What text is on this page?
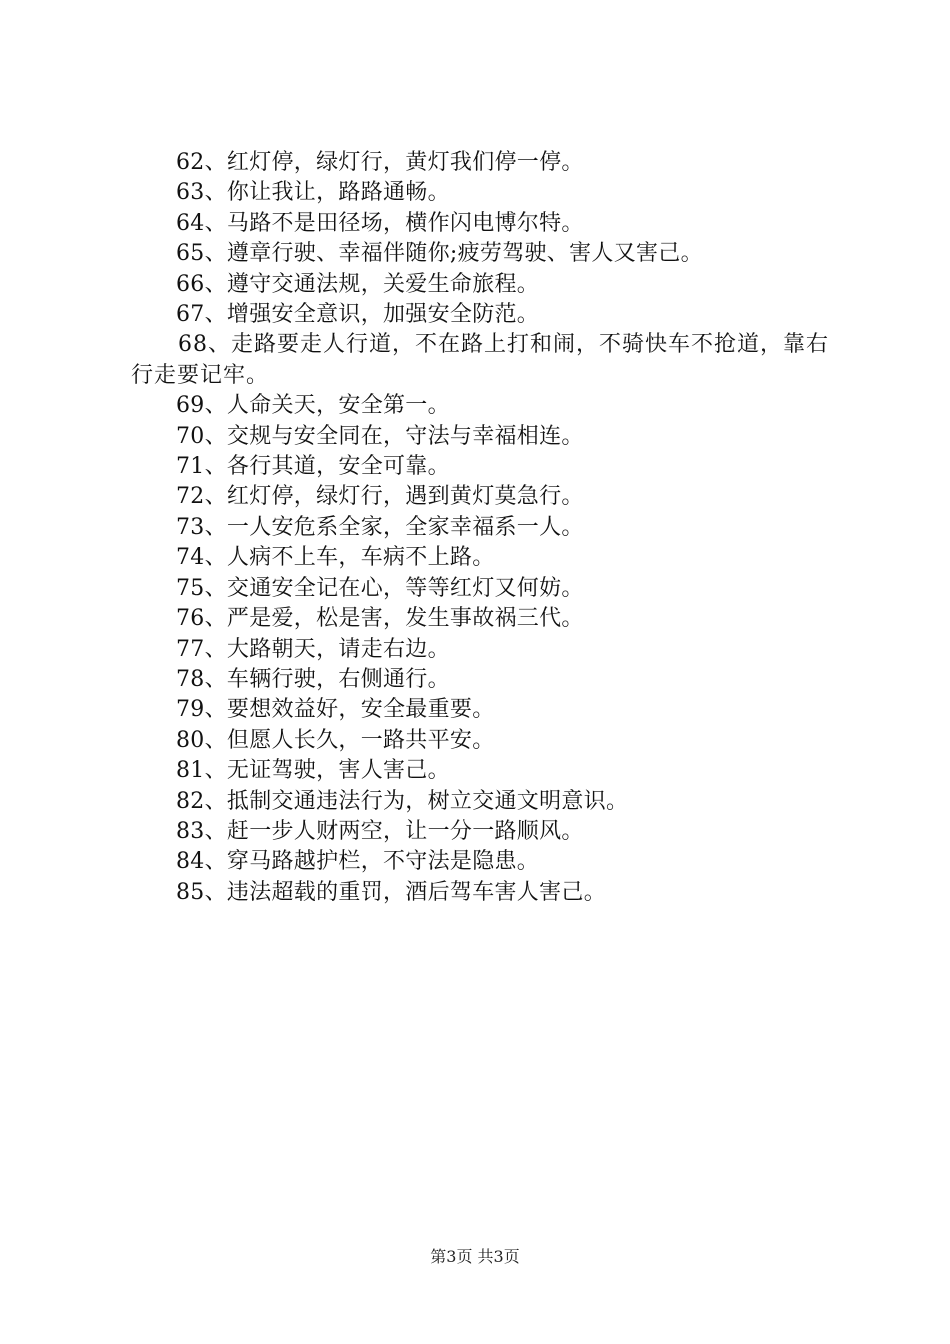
62、红灯停，绿灯行，黄灯我们停一停。
63、你让我让，路路通畅。
64、马路不是田径场，横作闪电博尔特。
65、遵章行驶、幸福伴随你;疲劳驾驶、害人又害己。
66、遵守交通法规，关爱生命旅程。
67、增强安全意识，加强安全防范。
68、走路要走人行道，不在路上打和闹，不骑快车不抢道，靠右行走要记牢。
69、人命关天，安全第一。
70、交规与安全同在，守法与幸福相连。
71、各行其道，安全可靠。
72、红灯停，绿灯行，遇到黄灯莫急行。
73、一人安危系全家，全家幸福系一人。
74、人病不上车，车病不上路。
75、交通安全记在心，等等红灯又何妨。
76、严是爱，松是害，发生事故祸三代。
77、大路朝天，请走右边。
78、车辆行驶，右侧通行。
79、要想效益好，安全最重要。
80、但愿人长久，一路共平安。
81、无证驾驶，害人害己。
82、抵制交通违法行为，树立交通文明意识。
83、赶一步人财两空，让一分一路顺风。
84、穿马路越护栏，不守法是隐患。
85、违法超载的重罚，酒后驾车害人害己。
第3页 共3页
